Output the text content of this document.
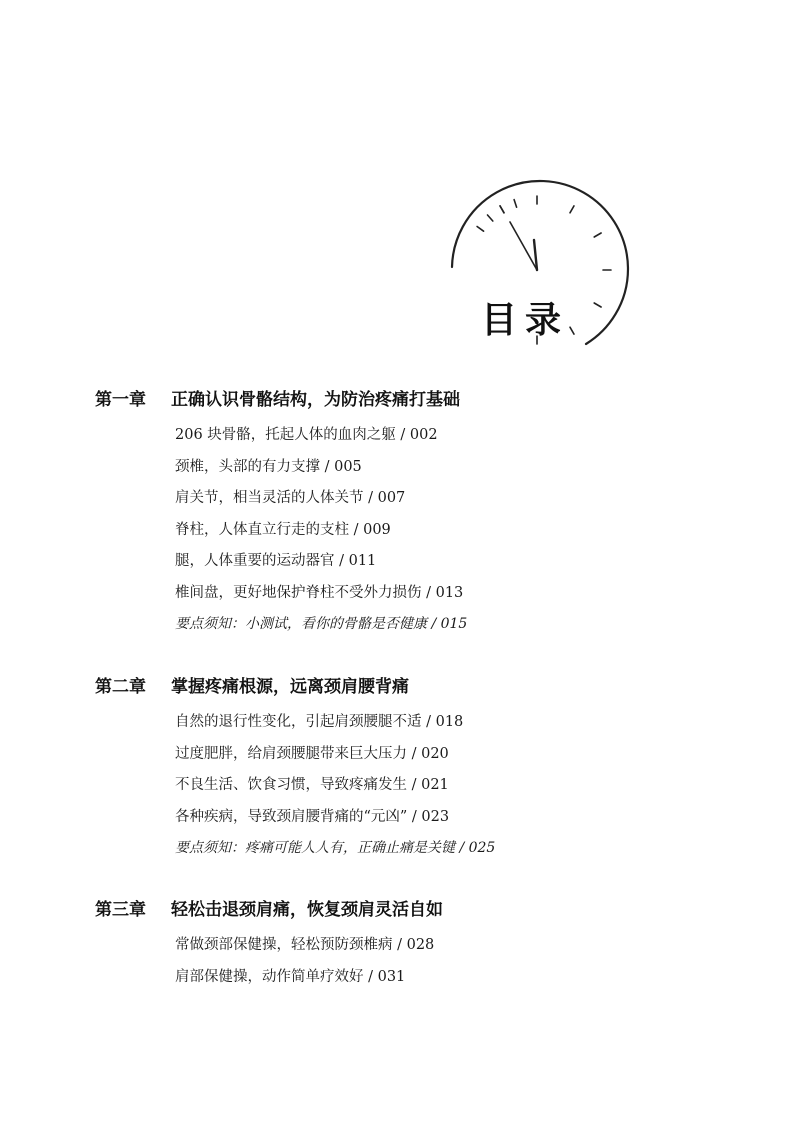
目录
第一章 正确认识骨骼结构，为防治疼痛打基础
206 块骨骼，托起人体的血肉之躯 / 002
颈椎，头部的有力支撑 / 005
肩关节，相当灵活的人体关节 / 007
脊柱，人体直立行走的支柱 / 009
腿，人体重要的运动器官 / 011
椎间盘，更好地保护脊柱不受外力损伤 / 013
要点须知：小测试，看你的骨骼是否健康 / 015
第二章 掌握疼痛根源，远离颈肩腰背痛
自然的退行性变化，引起肩颈腰腿不适 / 018
过度肥胖，给肩颈腰腿带来巨大压力 / 020
不良生活、饮食习惯，导致疼痛发生 / 021
各种疾病，导致颈肩腰背痛的“元凶” / 023
要点须知：疼痛可能人人有，正确止痛是关键 / 025
第三章 轻松击退颈肩痛，恢复颈肩灵活自如
常做颈部保健操，轻松预防颈椎病 / 028
肩部保健操，动作简单疗效好 / 031
